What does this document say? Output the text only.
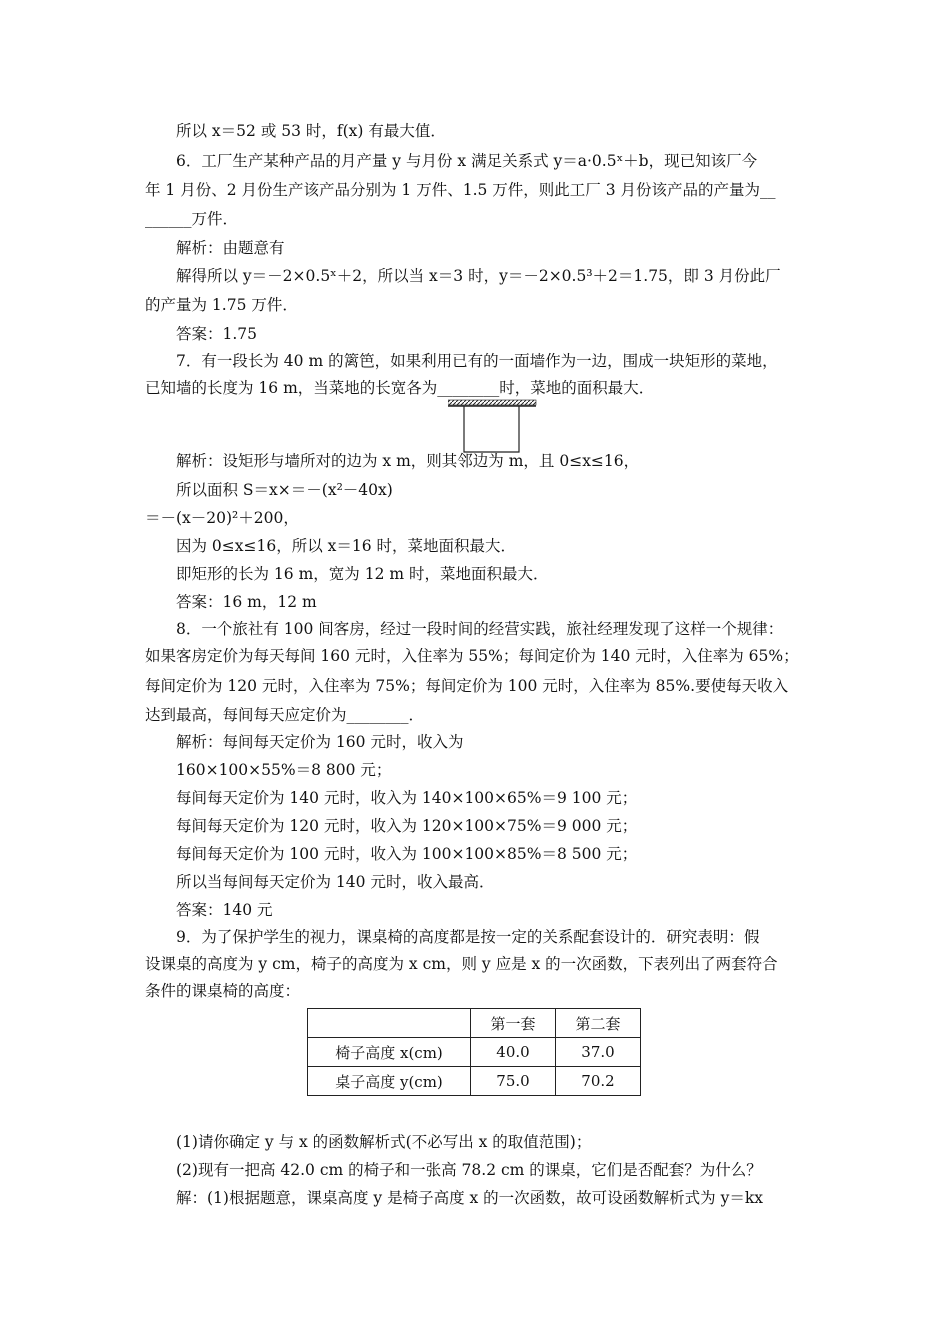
所以 x＝52 或 53 时，f(x) 有最大值．
6．工厂生产某种产品的月产量 y 与月份 x 满足关系式 y＝a·0.5ˣ＋b，现已知该厂今
年 1 月份、2 月份生产该产品分别为 1 万件、1.5 万件，则此工厂 3 月份该产品的产量为__
______万件．
解析：由题意有
解得所以 y＝－2×0.5ˣ＋2，所以当 x＝3 时，y＝－2×0.5³＋2＝1.75，即 3 月份此厂
的产量为 1.75 万件．
答案：1.75
7．有一段长为 40 m 的篱笆，如果利用已有的一面墙作为一边，围成一块矩形的菜地，
已知墙的长度为 16 m，当菜地的长宽各为________时，菜地的面积最大．
解析：设矩形与墙所对的边为 x m，则其邻边为 m，且 0≤x≤16，
所以面积 S＝x×＝－(x²－40x)
＝－(x－20)²＋200，
因为 0≤x≤16，所以 x＝16 时，菜地面积最大．
即矩形的长为 16 m，宽为 12 m 时，菜地面积最大．
答案：16 m，12 m
8．一个旅社有 100 间客房，经过一段时间的经营实践，旅社经理发现了这样一个规律：
如果客房定价为每天每间 160 元时，入住率为 55%；每间定价为 140 元时，入住率为 65%；
每间定价为 120 元时，入住率为 75%；每间定价为 100 元时，入住率为 85%.要使每天收入
达到最高，每间每天应定价为________．
解析：每间每天定价为 160 元时，收入为
160×100×55%＝8 800 元；
每间每天定价为 140 元时，收入为 140×100×65%＝9 100 元；
每间每天定价为 120 元时，收入为 120×100×75%＝9 000 元；
每间每天定价为 100 元时，收入为 100×100×85%＝8 500 元；
所以当每间每天定价为 140 元时，收入最高．
答案：140 元
9．为了保护学生的视力，课桌椅的高度都是按一定的关系配套设计的．研究表明：假
设课桌的高度为 y cm，椅子的高度为 x cm，则 y 应是 x 的一次函数，下表列出了两套符合
条件的课桌椅的高度：
	第一套	第二套
椅子高度 x(cm)	40.0	37.0
桌子高度 y(cm)	75.0	70.2
(1)请你确定 y 与 x 的函数解析式(不必写出 x 的取值范围)；
(2)现有一把高 42.0 cm 的椅子和一张高 78.2 cm 的课桌，它们是否配套？为什么？
解：(1)根据题意，课桌高度 y 是椅子高度 x 的一次函数，故可设函数解析式为 y＝kx
